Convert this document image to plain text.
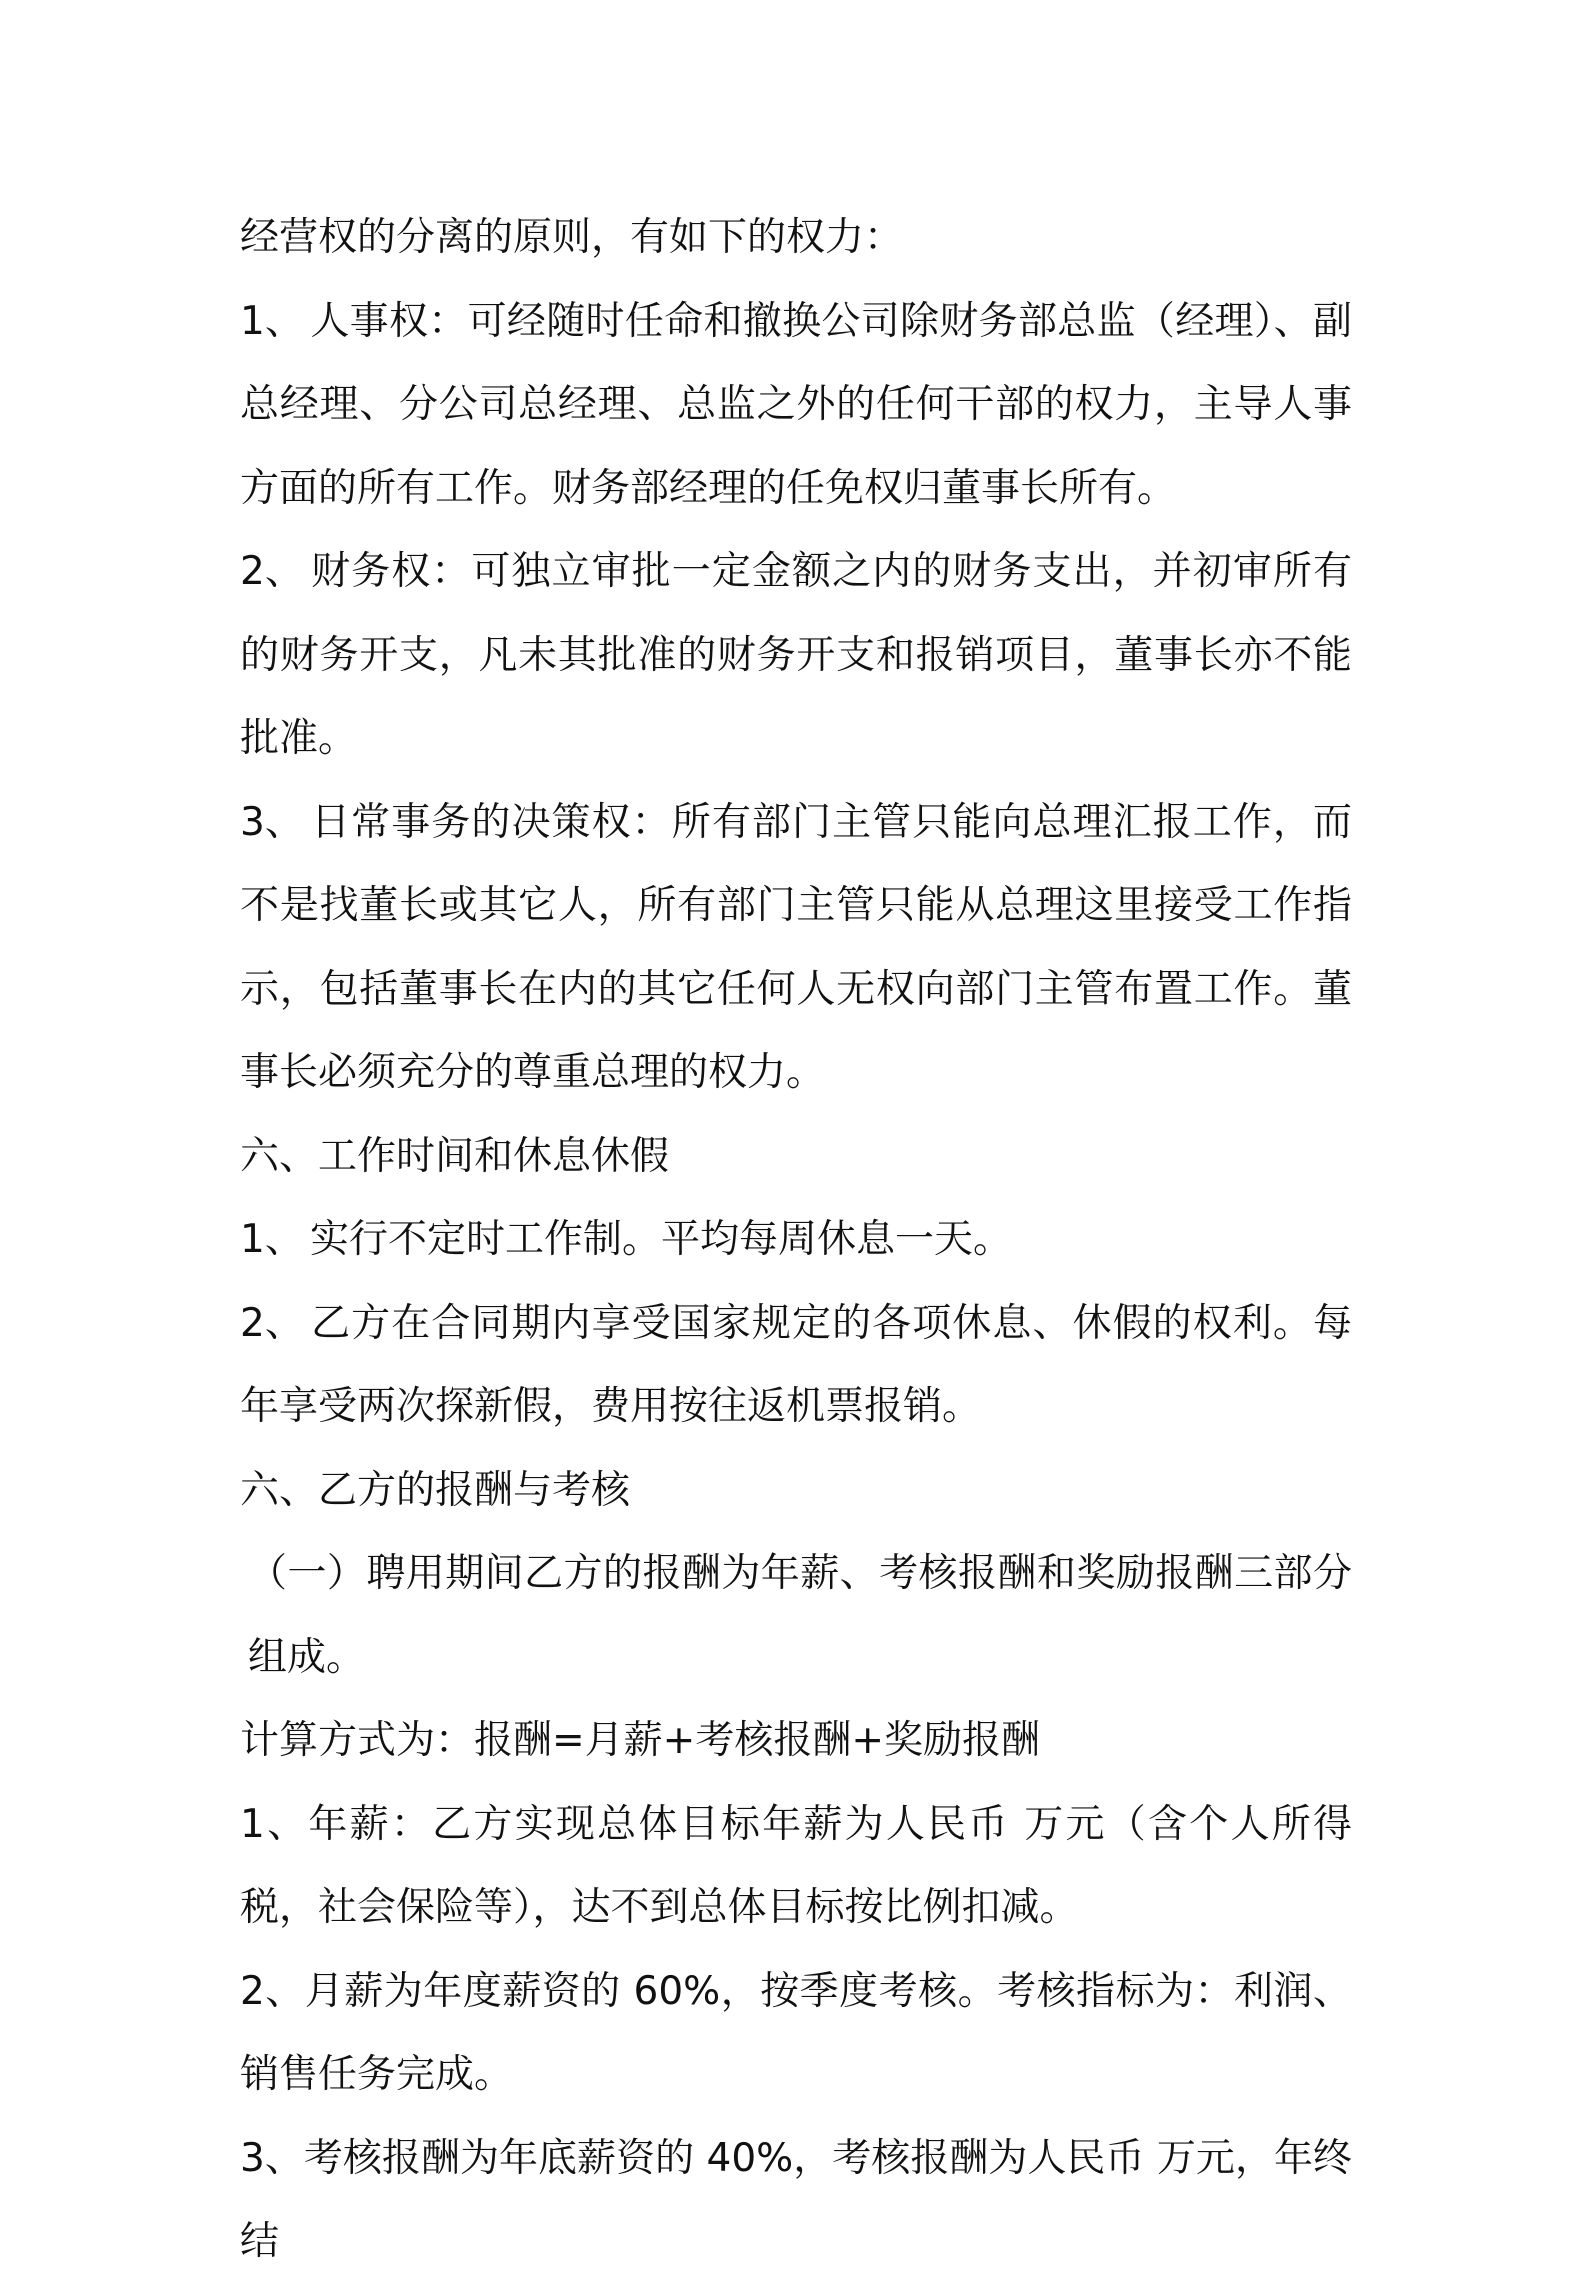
经营权的分离的原则，有如下的权力：

1、 人事权：可经随时任命和撤换公司除财务部总监（经理）、副总经理、分公司总经理、总监之外的任何干部的权力，主导人事方面的所有工作。财务部经理的任免权归董事长所有。

2、 财务权：可独立审批一定金额之内的财务支出，并初审所有的财务开支，凡未其批准的财务开支和报销项目，董事长亦不能批准。

3、 日常事务的决策权：所有部门主管只能向总理汇报工作，而不是找董长或其它人，所有部门主管只能从总理这里接受工作指示，包括董事长在内的其它任何人无权向部门主管布置工作。董事长必须充分的尊重总理的权力。

六、工作时间和休息休假

1、 实行不定时工作制。平均每周休息一天。

2、 乙方在合同期内享受国家规定的各项休息、休假的权利。每年享受两次探新假，费用按往返机票报销。

六、乙方的报酬与考核

（一）聘用期间乙方的报酬为年薪、考核报酬和奖励报酬三部分组成。

计算方式为：报酬=月薪+考核报酬+奖励报酬

1、年薪：乙方实现总体目标年薪为人民币 万元（含个人所得税，社会保险等），达不到总体目标按比例扣减。

2、月薪为年度薪资的 60%，按季度考核。考核指标为：利润、销售任务完成。

3、考核报酬为年底薪资的 40%，考核报酬为人民币 万元，年终结
